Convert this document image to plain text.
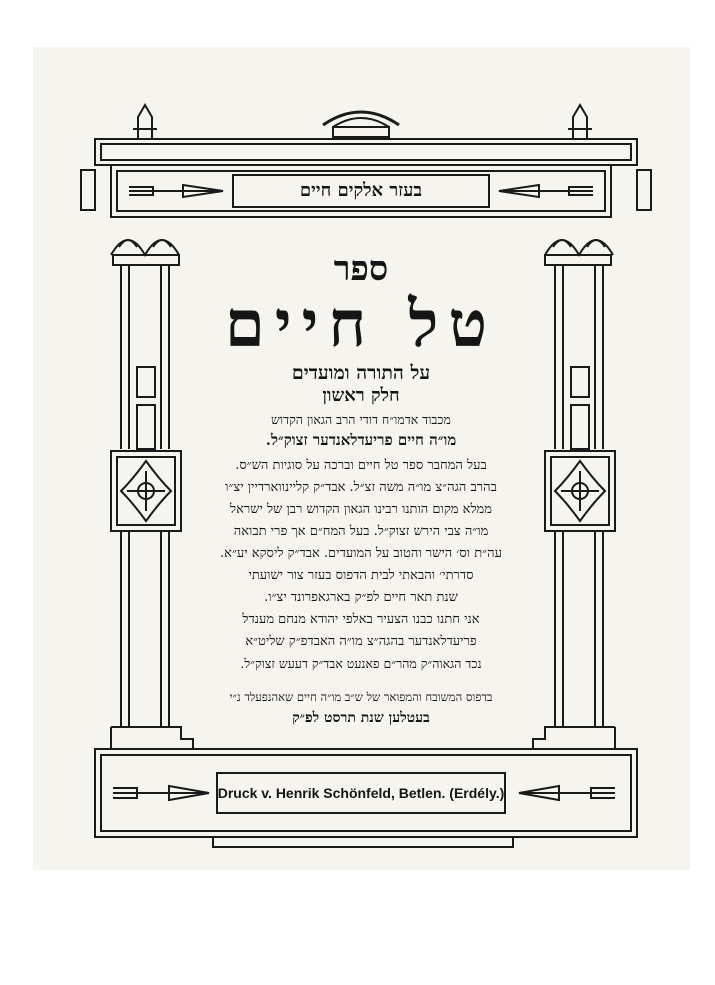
בעזר אלקים חיים
ספר
טל חיים
על התורה ומועדים
חלק ראשון
מכבוד אדמו״ח דודי הרב הגאון הקדוש
מו״ה חיים פריעדלאנדער זצוק״ל.
בעל המחבר ספר טל חיים וברכה על סוגיות הש״ס.
בהרב הגה״צ מו״ה משה זצ״ל. אבד״ק קליינווארדיין יצ״ו
ממלא מקום הותנו רבינו הגאון הקדוש רבן של ישראל
מו״ה צבי הירש זצוק״ל. בעל המח״ם אך פרי תבואה
עה״ת וס׳ הישר והטוב על המועדים. אבד״ק ליסקא יע״א.
סדרתי׳ והבאתי לבית הדפוס בעזר צור ישועתי
שנת תאר חיים לפ״ק בארגאפרונד יצ״ו.
אני חתנו כבנו הצעיר באלפי יהודא מנחם מענדל
פריעדלאנדער בהגה״צ מו״ה האבדפ״ק שליט״א
נכד הגאוה״ק מהר״ם פאנעט אבד״ק דעעש זצוק״ל.
בדפוס המשובח והמפואר של ש״ב מו״ה חיים שאהנפעלד נ״י
בעטלען שנת תרסט לפ״ק
Druck v. Henrik Schönfeld, Betlen. (Erdély.)
